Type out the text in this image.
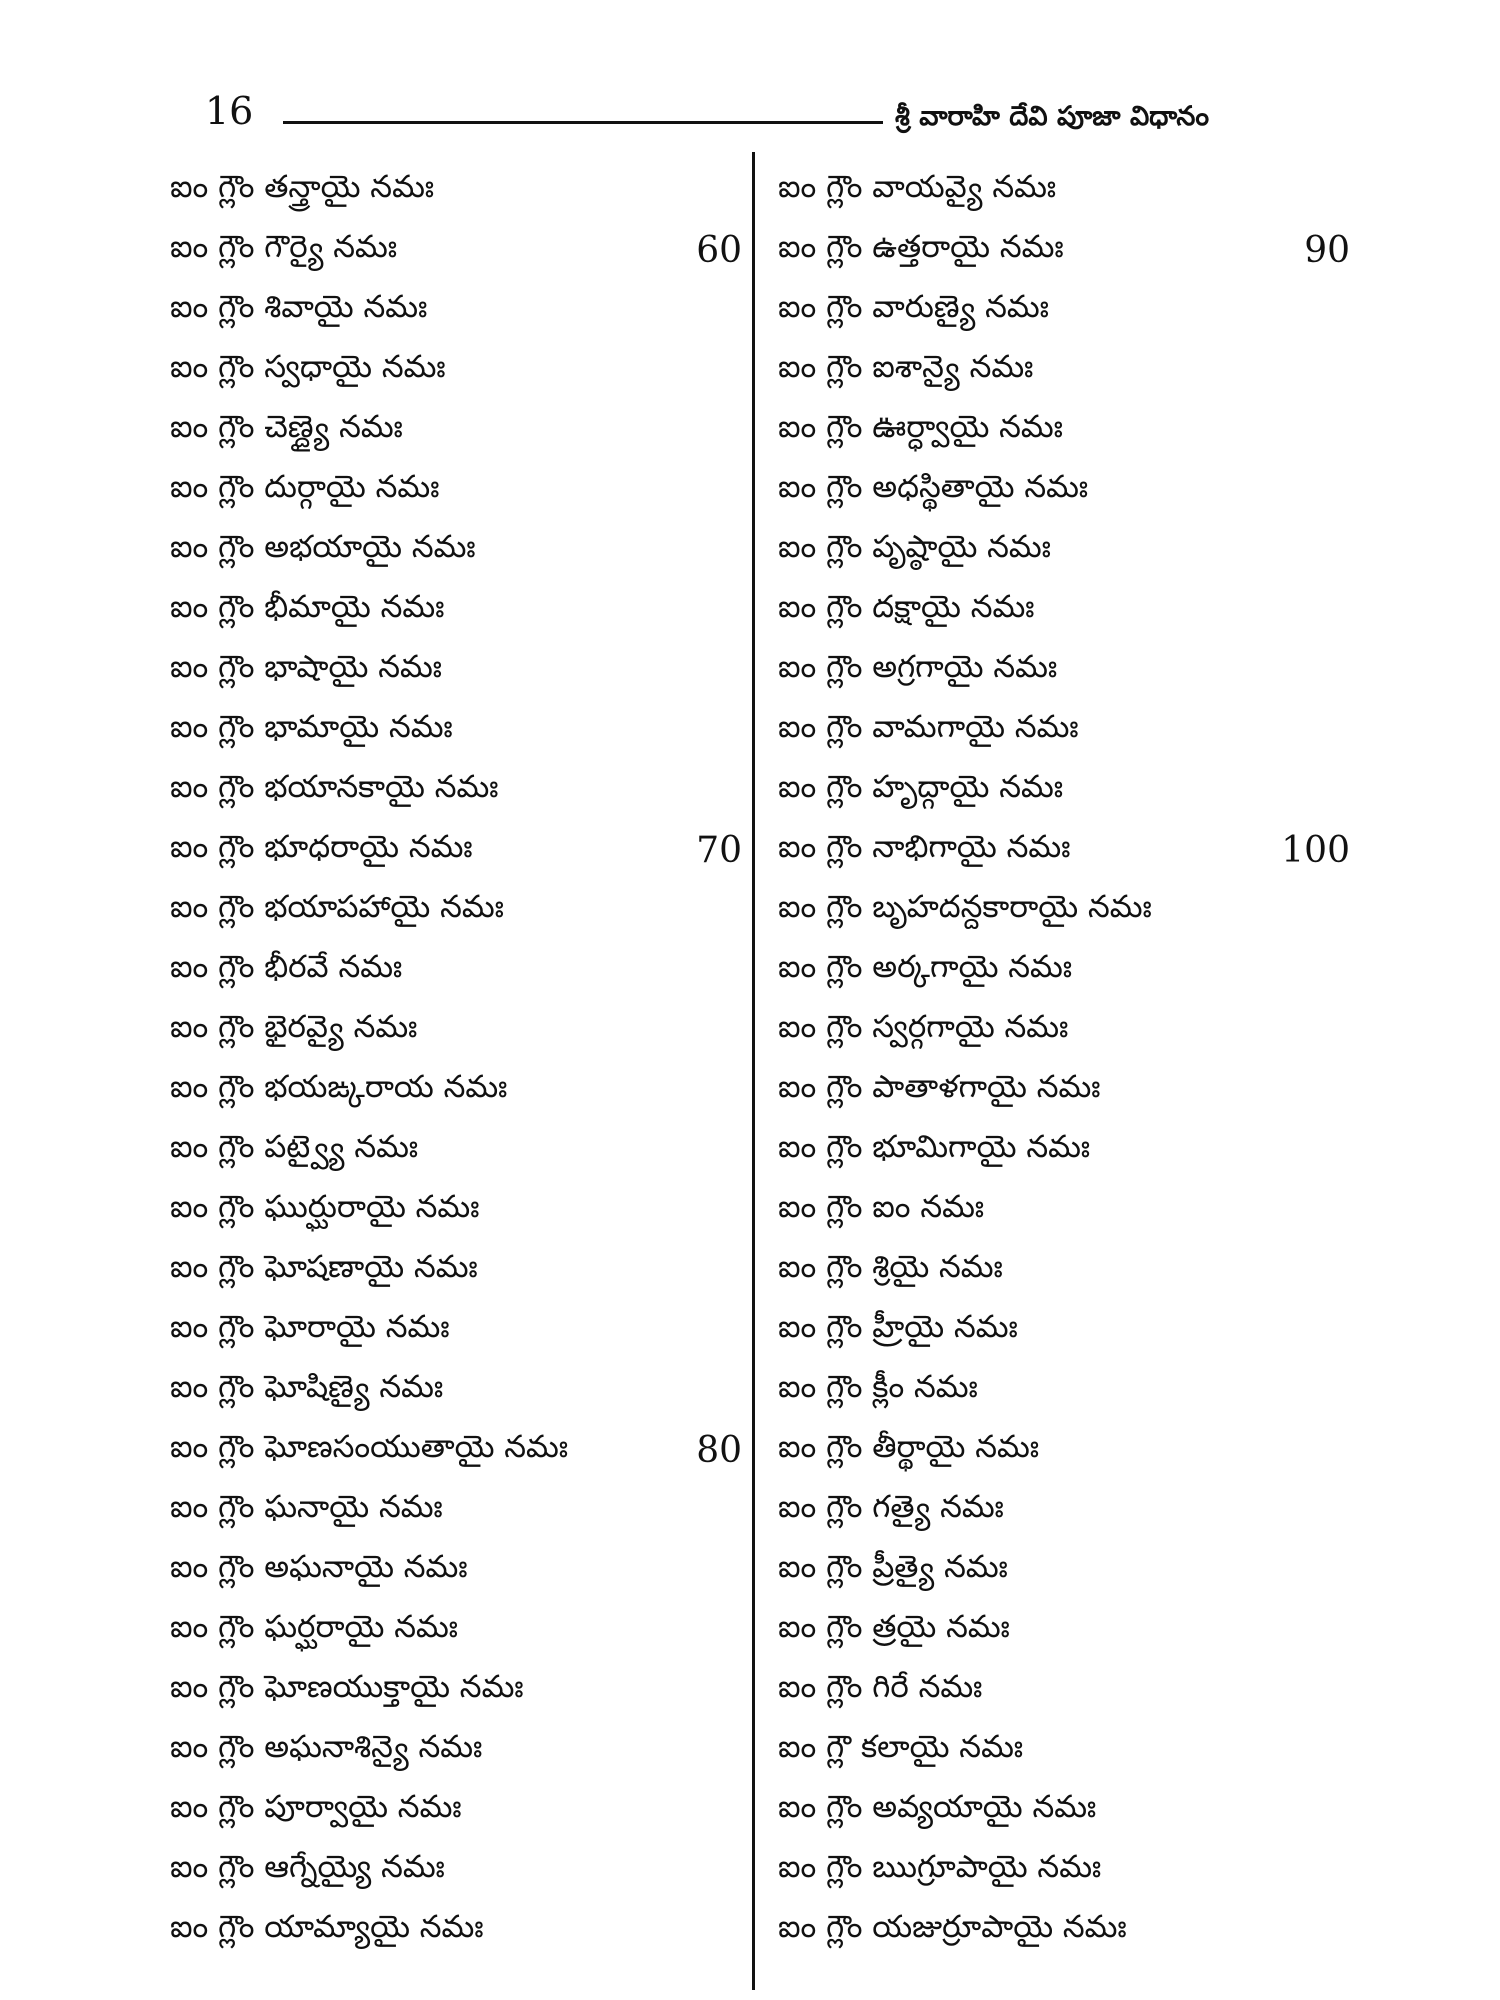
16	శ్రీ వారాహి దేవి పూజా విధానం
ఐం గ్లౌం తన్త్రాయై నమః
ఐం గ్లౌం గౌర్యై నమః	60
ఐం గ్లౌం శివాయై నమః
ఐం గ్లౌం స్వధాయై నమః
ఐం గ్లౌం చెణ్ద్యై నమః
ఐం గ్లౌం దుర్గాయై నమః
ఐం గ్లౌం అభయాయై నమః
ఐం గ్లౌం భీమాయై నమః
ఐం గ్లౌం భాషాయై నమః
ఐం గ్లౌం భామాయై నమః
ఐం గ్లౌం భయానకాయై నమః
ఐం గ్లౌం భూధరాయై నమః	70
ఐం గ్లౌం భయాపహాయై నమః
ఐం గ్లౌం భీరవే నమః
ఐం గ్లౌం భైరవ్యై నమః
ఐం గ్లౌం భయఙ్కరాయ నమః
ఐం గ్లౌం పట్వ్యై నమః
ఐం గ్లౌం ఘుర్ఘురాయై నమః
ఐం గ్లౌం ఘోషణాయై నమః
ఐం గ్లౌం ఘోరాయై నమః
ఐం గ్లౌం ఘోషిణ్యై నమః
ఐం గ్లౌం ఘోణసంయుతాయై నమః	80
ఐం గ్లౌం ఘనాయై నమః
ఐం గ్లౌం అఘనాయై నమః
ఐం గ్లౌం ఘర్ఘరాయై నమః
ఐం గ్లౌం ఘోణయుక్తాయై నమః
ఐం గ్లౌం అఘనాశిన్యై నమః
ఐం గ్లౌం పూర్వాయై నమః
ఐం గ్లౌం ఆగ్నేయ్యై నమః
ఐం గ్లౌం యామ్యాయై నమః
ఐం గ్లౌం వాయవ్యై నమః
ఐం గ్లౌం ఉత్తరాయై నమః	90
ఐం గ్లౌం వారుణ్యై నమః
ఐం గ్లౌం ఐశాన్యై నమః
ఐం గ్లౌం ఊర్ధ్వాయై నమః
ఐం గ్లౌం అధస్థితాయై నమః
ఐం గ్లౌం పృష్ఠాయై నమః
ఐం గ్లౌం దక్షాయై నమః
ఐం గ్లౌం అగ్రగాయై నమః
ఐం గ్లౌం వామగాయై నమః
ఐం గ్లౌం హృద్గాయై నమః
ఐం గ్లౌం నాభిగాయై నమః	100
ఐం గ్లౌం బృహదన్దకారాయై నమః
ఐం గ్లౌం అర్కగాయై నమః
ఐం గ్లౌం స్వర్గగాయై నమః
ఐం గ్లౌం పాతాళగాయై నమః
ఐం గ్లౌం భూమిగాయై నమః
ఐం గ్లౌం ఐం నమః
ఐం గ్లౌం శ్రియై నమః
ఐం గ్లౌం హ్రీయై నమః
ఐం గ్లౌం క్లీం నమః
ఐం గ్లౌం తీర్థాయై నమః
ఐం గ్లౌం గత్యై నమః
ఐం గ్లౌం ప్రీత్యై నమః
ఐం గ్లౌం త్రయై నమః
ఐం గ్లౌం గిరే నమః
ఐం గ్లౌ కలాయై నమః
ఐం గ్లౌం అవ్యయాయై నమః
ఐం గ్లౌం ఋగ్రూపాయై నమః
ఐం గ్లౌం యజుర్రూపాయై నమః
